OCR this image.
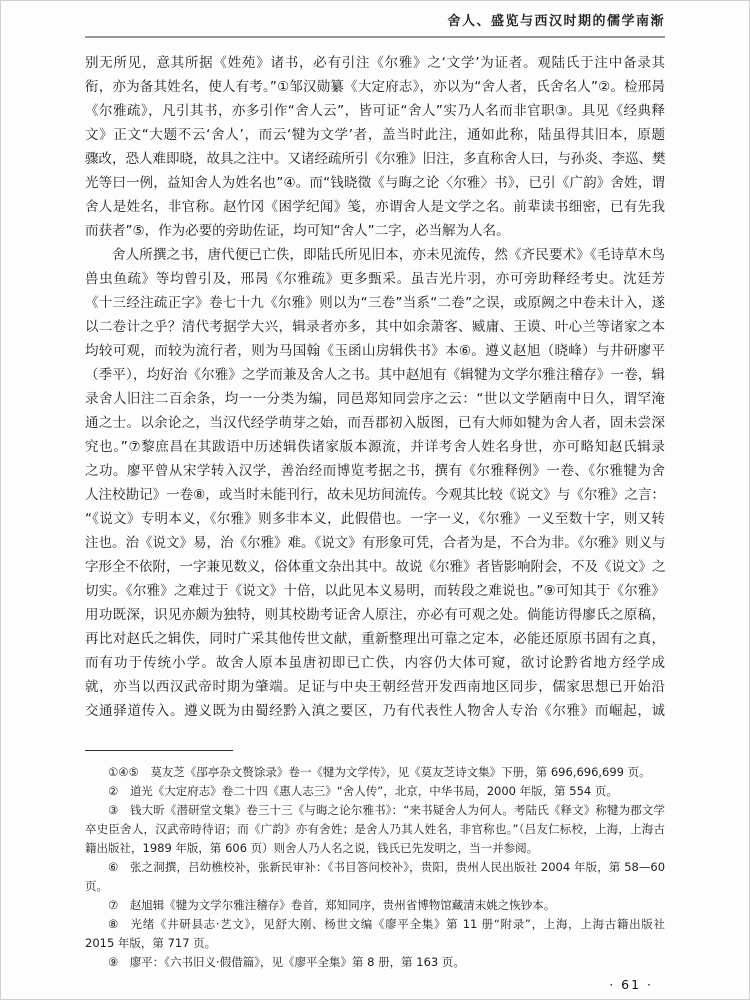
舍人、盛览与西汉时期的儒学南渐
别无所见，意其所据《姓苑》诸书，必有引注《尔雅》之‘文学’为证者。观陆氏于注中备录其
衔，亦为备其姓名，使人有考。”①邹汉勋纂《大定府志》，亦以为“舍人者，氏舍名人”②。检邢昺
《尔雅疏》，凡引其书，亦多引作“舍人云”，皆可证“舍人”实乃人名而非官职③。具见《经典释
文》正文“大题不云‘舍人’，而云‘犍为文学’者，盖当时此注，通如此称，陆虽得其旧本，原题
骤改，恐人难即晓，故具之注中。又诸经疏所引《尔雅》旧注，多直称舍人曰，与孙炎、李巡、樊
光等曰一例，益知舍人为姓名也”④。而“钱晓徵《与晦之论〈尔雅〉书》，已引《广韵》舍姓，谓
舍人是姓名，非官称。赵竹冈《困学纪闻》笺，亦谓舍人是文学之名。前辈读书细密，已有先我
而获者”⑤，作为必要的旁助佐证，均可知“舍人”二字，必当解为人名。
舍人所撰之书，唐代便已亡佚，即陆氏所见旧本，亦未见流传，然《齐民要术》《毛诗草木鸟
兽虫鱼疏》等均曾引及，邢昺《尔雅疏》更多甄采。虽吉光片羽，亦可旁助释经考史。沈廷芳
《十三经注疏正字》卷七十九《尔雅》则以为“三卷”当系“二卷”之误，或原阙之中卷未计入，遂
以二卷计之乎？清代考据学大兴，辑录者亦多，其中如余萧客、臧庸、王谟、叶心兰等诸家之本
均较可观，而较为流行者，则为马国翰《玉函山房辑佚书》本⑥。遵义赵旭（晓峰）与井研廖平
（季平），均好治《尔雅》之学而兼及舍人之书。其中赵旭有《辑犍为文学尔雅注稽存》一卷，辑
录舍人旧注二百余条，均一一分类为编，同邑郑知同尝序之云：“世以文学陋南中日久，谓罕淹
通之士。以余论之，当汉代经学萌芽之始，而吾郡初入版图，已有大师如犍为舍人者，固未尝深
究也。”⑦黎庶昌在其跋语中历述辑佚诸家版本源流，并详考舍人姓名身世，亦可略知赵氏辑录
之功。廖平曾从宋学转入汉学，善治经而博览考据之书，撰有《尔雅释例》一卷、《尔雅犍为舍
人注校勘记》一卷⑧，或当时未能刊行，故未见坊间流传。今观其比较《说文》与《尔雅》之言：
“《说文》专明本义，《尔雅》则多非本义，此假借也。一字一义，《尔雅》一义至数十字，则又转
注也。治《说文》易，治《尔雅》难。《说文》有形象可凭，合者为是，不合为非。《尔雅》则义与
字形全不依附，一字兼见数义，俗体重文杂出其中。故说《尔雅》者皆影响附会，不及《说文》之
切实。《尔雅》之难过于《说文》十倍，以此见本义易明，而转段之难说也。”⑨可知其于《尔雅》
用功既深，识见亦颇为独特，则其校勘考证舍人原注，亦必有可观之处。倘能访得廖氏之原稿，
再比对赵氏之辑佚，同时广采其他传世文献，重新整理出可靠之定本，必能还原原书固有之真，
而有功于传统小学。故舍人原本虽唐初即已亡佚，内容仍大体可窥，欲讨论黔省地方经学成
就，亦当以西汉武帝时期为肇端。足证与中央王朝经营开发西南地区同步，儒家思想已开始沿
交通驿道传入。遵义既为由蜀经黔入滇之要区，乃有代表性人物舍人专治《尔雅》而崛起，诚

①④⑤ 莫友芝《郘亭杂文赘馀录》卷一《犍为文学传》，见《莫友芝诗文集》下册，第 696,696,699 页。

② 道光《大定府志》卷二十四《惠人志三》“舍人传”，北京，中华书局，2000 年版，第 554 页。

③ 钱大昕《潜研堂文集》卷三十三《与晦之论尔雅书》：“来书疑舍人为何人。考陆氏《释文》称犍为郡文学卒史臣舍人，汉武帝時待诏；而《广韵》亦有舍姓；是舍人乃其人姓名，非官称也。”（吕友仁标校，上海，上海古籍出版社，1989 年版，第 606 页）则舍人乃人名之说，钱氏已先发明之，当一并参阅。

⑥ 张之洞撰，吕幼樵校补，张新民审补：《书目答问校补》，贵阳，贵州人民出版社 2004 年版，第 58—60 页。

⑦ 赵旭辑《犍为文学尔雅注稽存》卷首，郑知同序，贵州省博物馆藏清末姚之恢钞本。

⑧ 光绪《井研县志·艺文》，见舒大刚、杨世文编《廖平全集》第 11 册“附录”，上海，上海古籍出版社 2015 年版，第 717 页。

⑨ 廖平：《六书旧义·假借篇》，见《廖平全集》第 8 册，第 163 页。

· 61 ·
